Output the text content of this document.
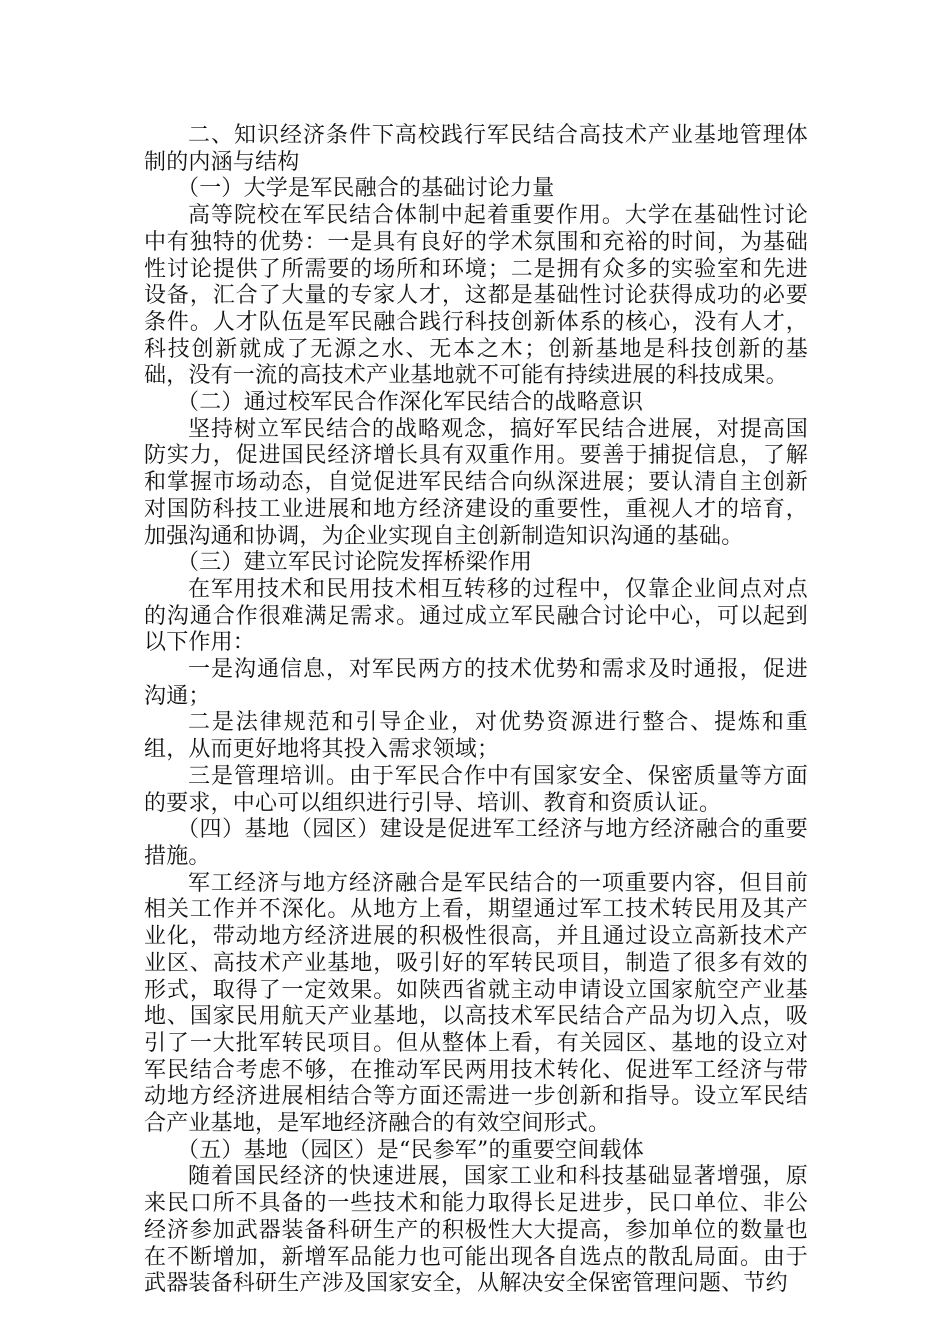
二、知识经济条件下高校践行军民结合高技术产业基地管理体制的内涵与结构

（一）大学是军民融合的基础讨论力量

高等院校在军民结合体制中起着重要作用。大学在基础性讨论中有独特的优势：一是具有良好的学术氛围和充裕的时间，为基础性讨论提供了所需要的场所和环境；二是拥有众多的实验室和先进设备，汇合了大量的专家人才，这都是基础性讨论获得成功的必要条件。人才队伍是军民融合践行科技创新体系的核心，没有人才，科技创新就成了无源之水、无本之木；创新基地是科技创新的基础，没有一流的高技术产业基地就不可能有持续进展的科技成果。

（二）通过校军民合作深化军民结合的战略意识

坚持树立军民结合的战略观念，搞好军民结合进展，对提高国防实力，促进国民经济增长具有双重作用。要善于捕捉信息，了解和掌握市场动态，自觉促进军民结合向纵深进展；要认清自主创新对国防科技工业进展和地方经济建设的重要性，重视人才的培育，加强沟通和协调，为企业实现自主创新制造知识沟通的基础。

（三）建立军民讨论院发挥桥梁作用

在军用技术和民用技术相互转移的过程中，仅靠企业间点对点的沟通合作很难满足需求。通过成立军民融合讨论中心，可以起到以下作用：

一是沟通信息，对军民两方的技术优势和需求及时通报，促进沟通；

二是法律规范和引导企业，对优势资源进行整合、提炼和重组，从而更好地将其投入需求领域；

三是管理培训。由于军民合作中有国家安全、保密质量等方面的要求，中心可以组织进行引导、培训、教育和资质认证。

（四）基地（园区）建设是促进军工经济与地方经济融合的重要措施。

军工经济与地方经济融合是军民结合的一项重要内容，但目前相关工作并不深化。从地方上看，期望通过军工技术转民用及其产业化，带动地方经济进展的积极性很高，并且通过设立高新技术产业区、高技术产业基地，吸引好的军转民项目，制造了很多有效的形式，取得了一定效果。如陕西省就主动申请设立国家航空产业基地、国家民用航天产业基地，以高技术军民结合产品为切入点，吸引了一大批军转民项目。但从整体上看，有关园区、基地的设立对军民结合考虑不够，在推动军民两用技术转化、促进军工经济与带动地方经济进展相结合等方面还需进一步创新和指导。设立军民结合产业基地，是军地经济融合的有效空间形式。

（五）基地（园区）是“民参军”的重要空间载体

随着国民经济的快速进展，国家工业和科技基础显著增强，原来民口所不具备的一些技术和能力取得长足进步，民口单位、非公经济参加武器装备科研生产的积极性大大提高，参加单位的数量也在不断增加，新增军品能力也可能出现各自选点的散乱局面。由于武器装备科研生产涉及国家安全，从解决安全保密管理问题、节约
